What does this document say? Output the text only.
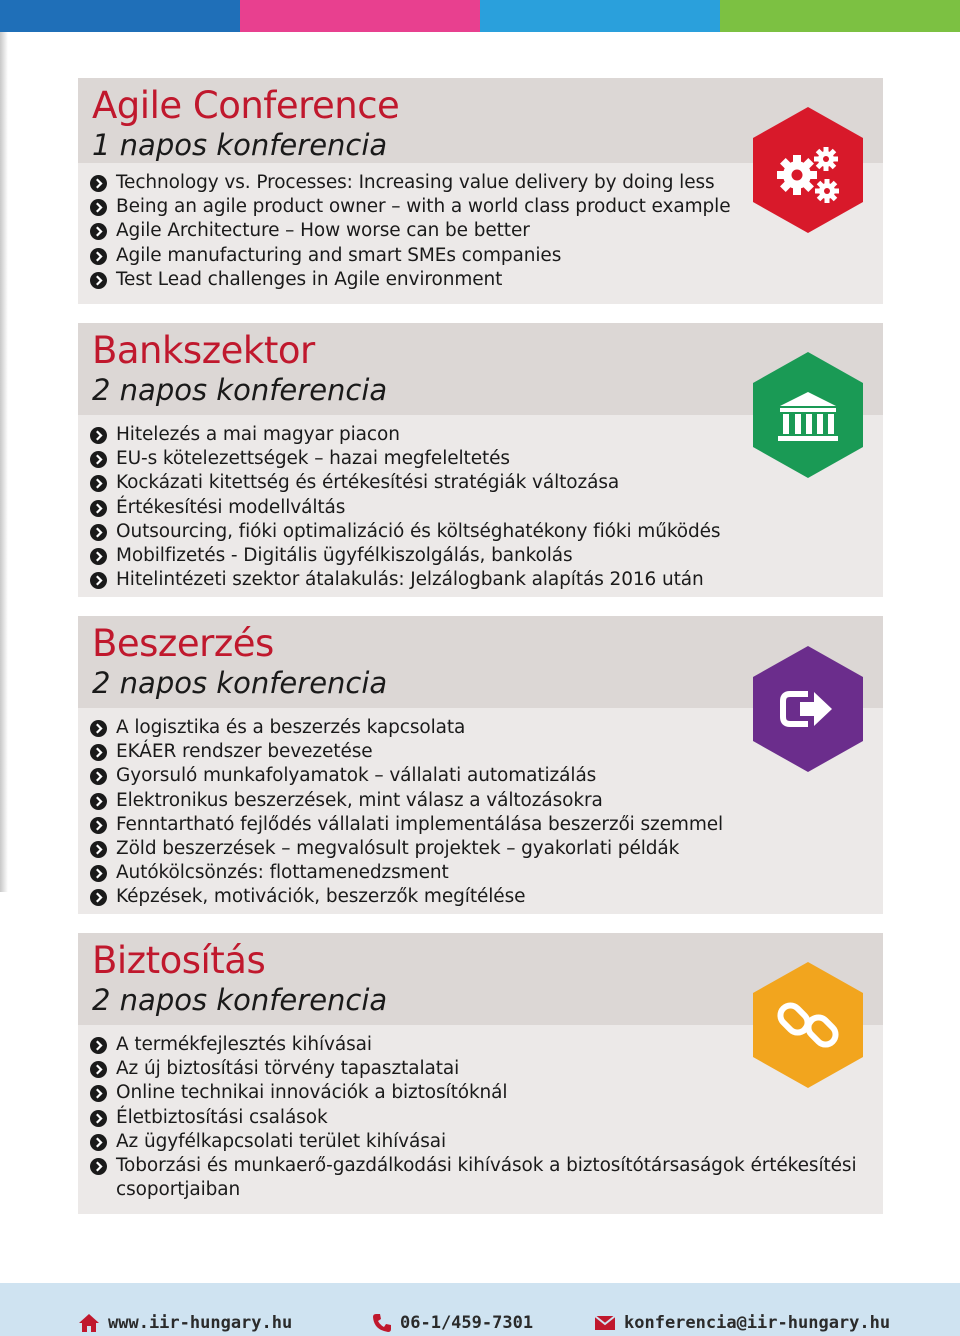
Agile Conference
1 napos konferencia
Technology vs. Processes: Increasing value delivery by doing less
Being an agile product owner – with a world class product example
Agile Architecture – How worse can be better
Agile manufacturing and smart SMEs companies
Test Lead challenges in Agile environment
Bankszektor
2 napos konferencia
Hitelezés a mai magyar piacon
EU-s kötelezettségek – hazai megfeleltetés
Kockázati kitettség és értékesítési stratégiák változása
Értékesítési modellváltás
Outsourcing, fióki optimalizáció és költséghatékony fióki működés
Mobilfizetés - Digitális ügyfélkiszolgálás, bankolás
Hitelintézeti szektor átalakulás: Jelzálogbank alapítás 2016 után
Beszerzés
2 napos konferencia
A logisztika és a beszerzés kapcsolata
EKÁER rendszer bevezetése
Gyorsuló munkafolyamatok – vállalati automatizálás
Elektronikus beszerzések, mint válasz a változásokra
Fenntartható fejlődés vállalati implementálása beszerzői szemmel
Zöld beszerzések – megvalósult projektek – gyakorlati példák
Autókölcsönzés: flottamenedzsment
Képzések, motivációk, beszerzők megítélése
Biztosítás
2 napos konferencia
A termékfejlesztés kihívásai
Az új biztosítási törvény tapasztalatai
Online technikai innovációk a biztosítóknál
Életbiztosítási csalások
Az ügyfélkapcsolati terület kihívásai
Toborzási és munkaerő-gazdálkodási kihívások a biztosítótársaságok értékesítési csoportjaiban
www.iir-hungary.hu	06-1/459-7301	konferencia@iir-hungary.hu
